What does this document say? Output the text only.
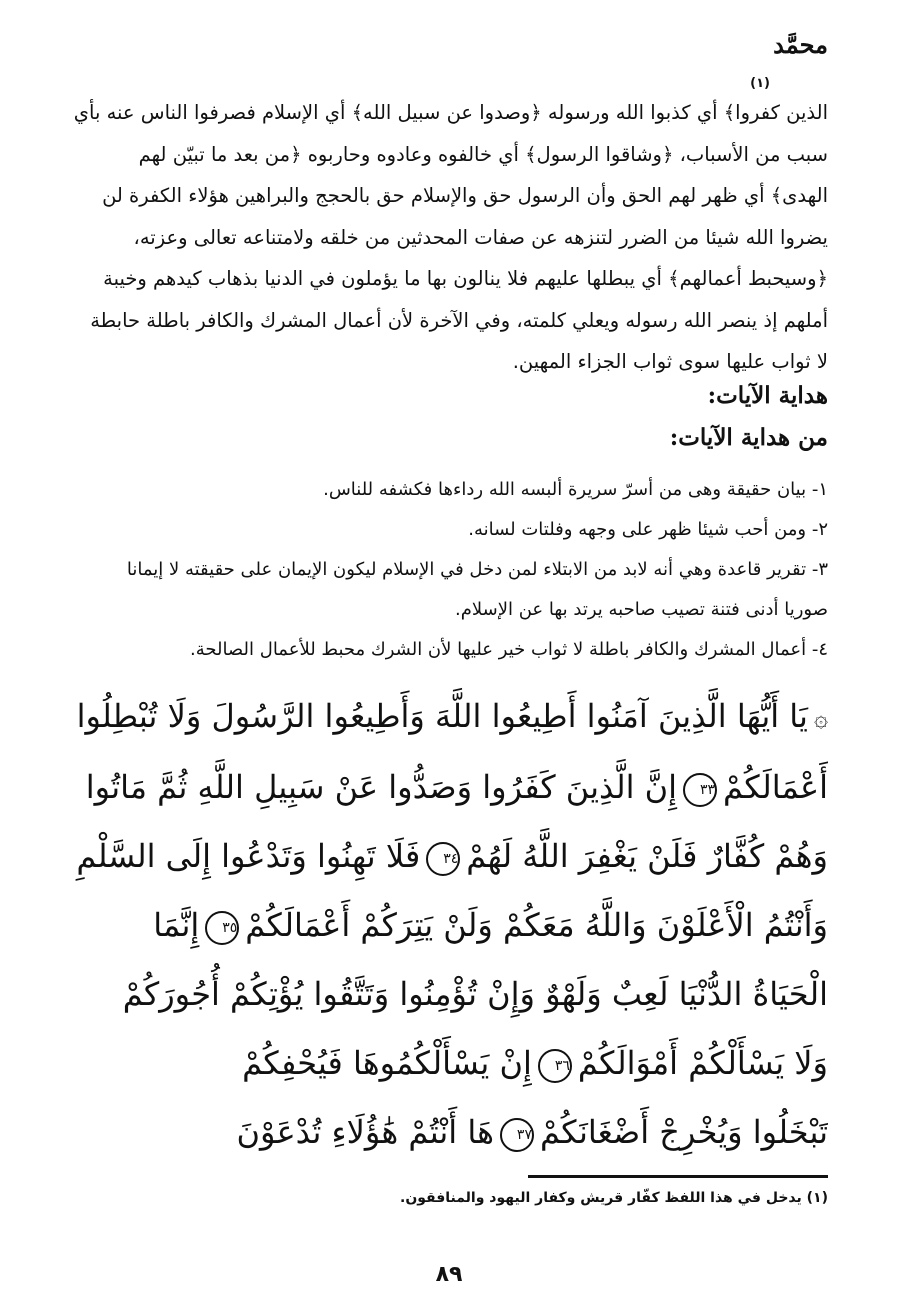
محمَّد
(١)

الذين كفروا﴾ أي كذبوا الله ورسوله ﴿وصدوا عن سبيل الله﴾ أي الإسلام فصرفوا الناس عنه بأي

سبب من الأسباب، ﴿وشاقوا الرسول﴾ أي خالفوه وعادوه وحاربوه ﴿من بعد ما تبيّن لهم

الهدى﴾ أي ظهر لهم الحق وأن الرسول حق والإسلام حق بالحجج والبراهين هؤلاء الكفرة لن

يضروا الله شيئا من الضرر لتنزهه عن صفات المحدثين من خلقه ولامتناعه تعالى وعزته،

﴿وسيحبط أعمالهم﴾ أي يبطلها عليهم فلا ينالون بها ما يؤملون في الدنيا بذهاب كيدهم وخيبة

أملهم إذ ينصر الله رسوله ويعلي كلمته، وفي الآخرة لأن أعمال المشرك والكافر باطلة حابطة

لا ثواب عليها سوى ثواب الجزاء المهين.

هداية الآيات:
من هداية الآيات:
١- بيان حقيقة وهى من أسرّ سريرة ألبسه الله رداءها فكشفه للناس.
٢- ومن أحب شيئا ظهر على وجهه وفلتات لسانه.
٣- تقرير قاعدة وهي أنه لابد من الابتلاء لمن دخل في الإسلام ليكون الإيمان على حقيقته لا إيمانا
صوريا أدنى فتنة تصيب صاحبه يرتد بها عن الإسلام.
٤- أعمال المشرك والكافر باطلة لا ثواب خير عليها لأن الشرك محبط للأعمال الصالحة.
۞يَا أَيُّهَا الَّذِينَ آمَنُوا أَطِيعُوا اللَّهَ وَأَطِيعُوا الرَّسُولَ وَلَا تُبْطِلُوا
أَعْمَالَكُمْ٣٣إِنَّ الَّذِينَ كَفَرُوا وَصَدُّوا عَنْ سَبِيلِ اللَّهِ ثُمَّ مَاتُوا
وَهُمْ كُفَّارٌ فَلَنْ يَغْفِرَ اللَّهُ لَهُمْ٣٤فَلَا تَهِنُوا وَتَدْعُوا إِلَى السَّلْمِ
وَأَنْتُمُ الْأَعْلَوْنَ وَاللَّهُ مَعَكُمْ وَلَنْ يَتِرَكُمْ أَعْمَالَكُمْ٣٥إِنَّمَا
الْحَيَاةُ الدُّنْيَا لَعِبٌ وَلَهْوٌ وَإِنْ تُؤْمِنُوا وَتَتَّقُوا يُؤْتِكُمْ أُجُورَكُمْ
وَلَا يَسْأَلْكُمْ أَمْوَالَكُمْ٣٦إِنْ يَسْأَلْكُمُوهَا فَيُحْفِكُمْ
تَبْخَلُوا وَيُخْرِجْ أَضْغَانَكُمْ٣٧هَا أَنْتُمْ هَٰؤُلَاءِ تُدْعَوْنَ
(١) يدخل في هذا اللفظ كفّار قريش وكفار اليهود والمنافقون.
٨٩
